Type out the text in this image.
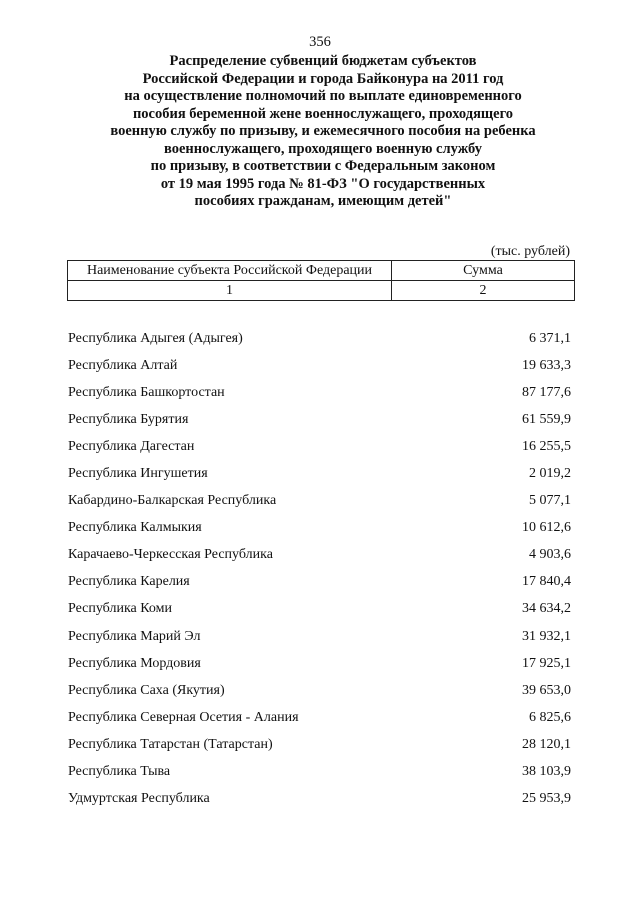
356
Распределение субвенций бюджетам субъектов
Российской Федерации и города Байконура на 2011 год
на осуществление полномочий по выплате единовременного
пособия беременной жене военнослужащего, проходящего
военную службу по призыву, и ежемесячного пособия на ребенка
военнослужащего, проходящего военную службу
по призыву, в соответствии с Федеральным законом
от 19 мая 1995 года № 81-ФЗ "О государственных
пособиях гражданам, имеющим детей"
(тыс. рублей)
Наименование субъекта Российской Федерации	Сумма
1	2
Республика Адыгея (Адыгея)	6 371,1
Республика Алтай	19 633,3
Республика Башкортостан	87 177,6
Республика Бурятия	61 559,9
Республика Дагестан	16 255,5
Республика Ингушетия	2 019,2
Кабардино-Балкарская Республика	5 077,1
Республика Калмыкия	10 612,6
Карачаево-Черкесская Республика	4 903,6
Республика Карелия	17 840,4
Республика Коми	34 634,2
Республика Марий Эл	31 932,1
Республика Мордовия	17 925,1
Республика Саха (Якутия)	39 653,0
Республика Северная Осетия - Алания	6 825,6
Республика Татарстан (Татарстан)	28 120,1
Республика Тыва	38 103,9
Удмуртская Республика	25 953,9
